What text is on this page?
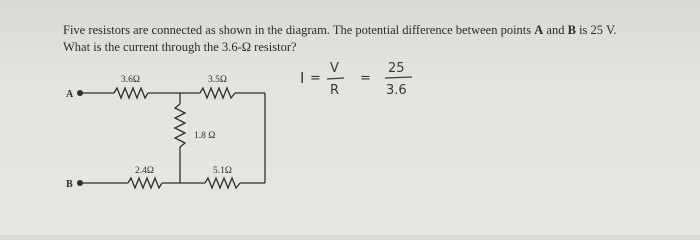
Five resistors are connected as shown in the diagram. The potential difference between points A and B is 25 V.
What is the current through the 3.6-Ω resistor?
A
B
3.6Ω	3.5Ω
1.8 Ω
2.4Ω	5.1Ω
I =
V
R
=
25
3.6
